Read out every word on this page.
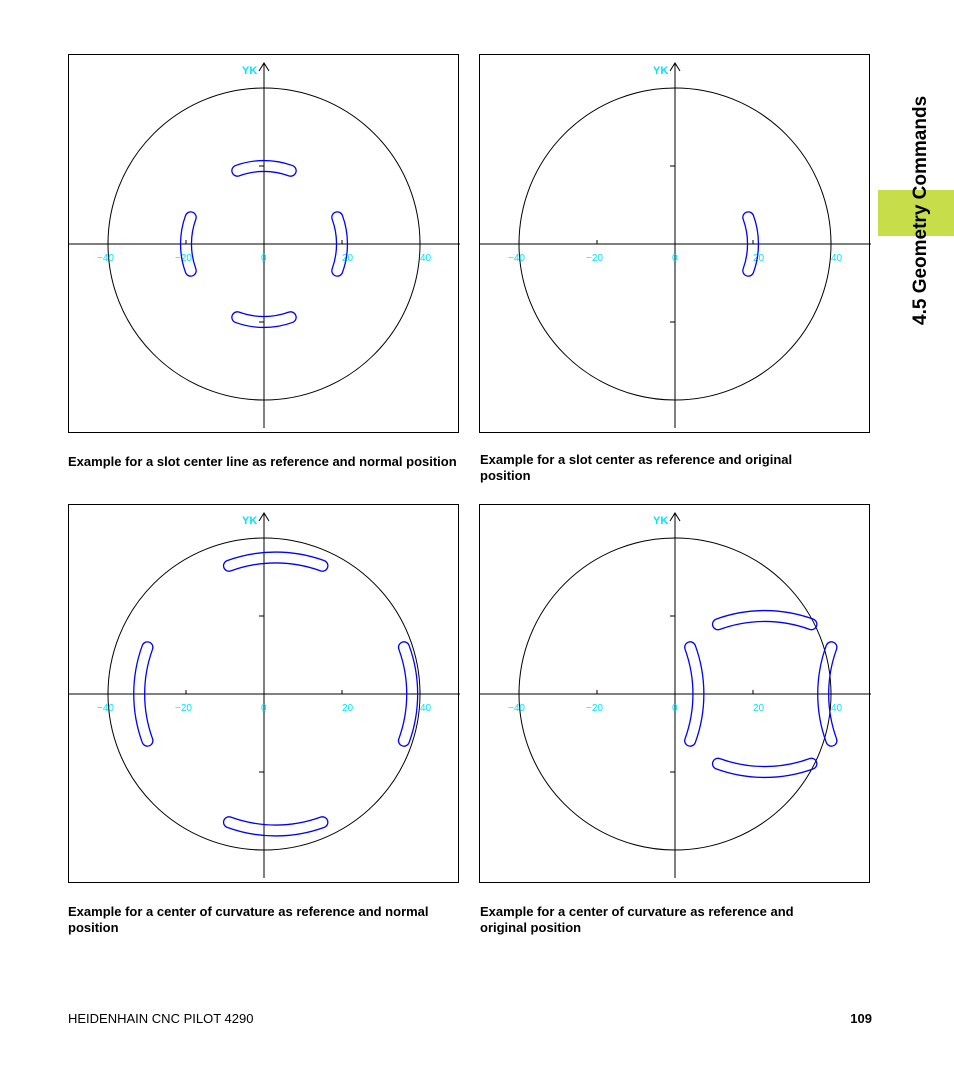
YK
−40	−20	0	20	40
YK
−40	−20	0	20	40
YK
−40	−20	0	20	40
YK
−40	−20	0	20	40
Example for a slot center line as reference and normal position	Example for a slot center as reference and original position
Example for a center of curvature as reference and normal position
Example for a center of curvature as reference and original position
4.5 Geometry Commands
HEIDENHAIN CNC PILOT 4290	109
